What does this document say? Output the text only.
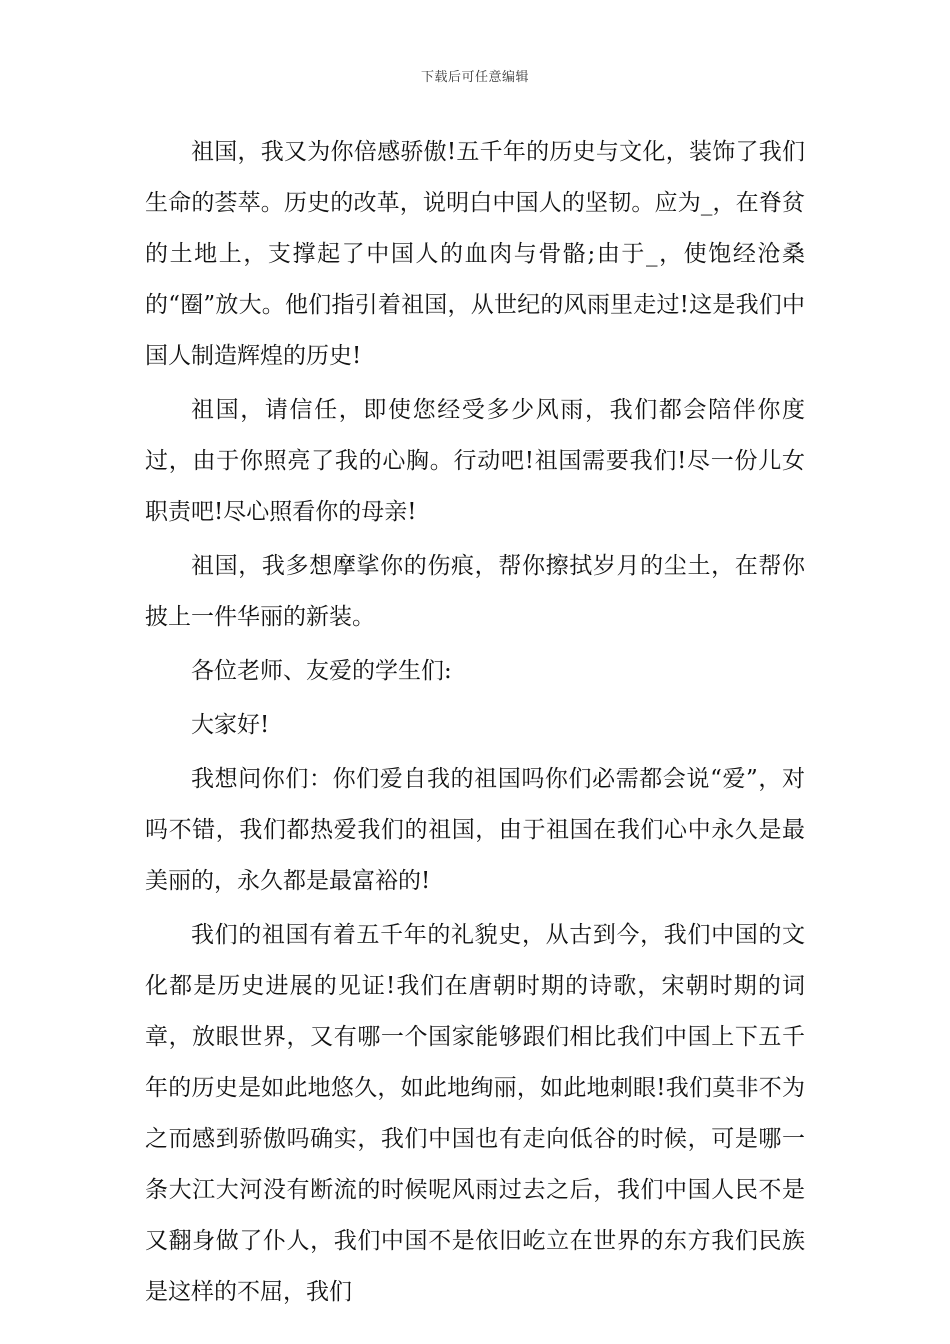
下载后可任意编辑

祖国，我又为你倍感骄傲!五千年的历史与文化，装饰了我们生命的荟萃。历史的改革，说明白中国人的坚韧。应为_，在脊贫的土地上，支撑起了中国人的血肉与骨骼;由于_，使饱经沧桑的“圈”放大。他们指引着祖国，从世纪的风雨里走过!这是我们中国人制造辉煌的历史!

祖国，请信任，即使您经受多少风雨，我们都会陪伴你度过，由于你照亮了我的心胸。行动吧!祖国需要我们!尽一份儿女职责吧!尽心照看你的母亲!

祖国，我多想摩挲你的伤痕，帮你擦拭岁月的尘土，在帮你披上一件华丽的新装。

各位老师、友爱的学生们:

大家好!

我想问你们：你们爱自我的祖国吗你们必需都会说“爱”，对吗不错，我们都热爱我们的祖国，由于祖国在我们心中永久是最美丽的，永久都是最富裕的!

我们的祖国有着五千年的礼貌史，从古到今，我们中国的文化都是历史进展的见证!我们在唐朝时期的诗歌，宋朝时期的词章，放眼世界，又有哪一个国家能够跟们相比我们中国上下五千年的历史是如此地悠久，如此地绚丽，如此地刺眼!我们莫非不为之而感到骄傲吗确实，我们中国也有走向低谷的时候，可是哪一条大江大河没有断流的时候呢风雨过去之后，我们中国人民不是又翻身做了仆人，我们中国不是依旧屹立在世界的东方我们民族是这样的不屈，我们
